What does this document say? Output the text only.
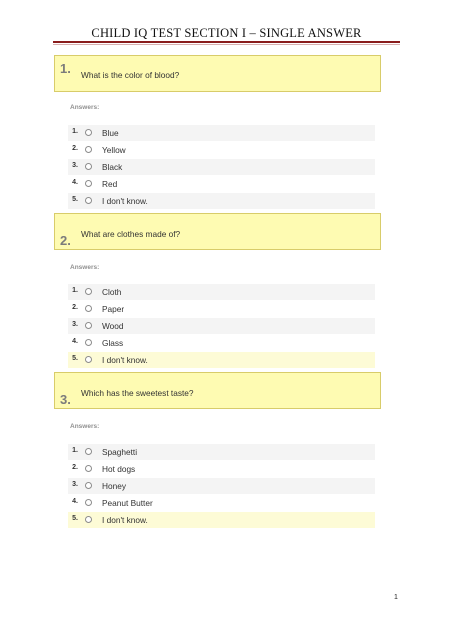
CHILD IQ TEST SECTION I – SINGLE ANSWER
1. What is the color of blood?
Answers:
1.	Blue
2.	Yellow
3.	Black
4.	Red
5.	I don't know.
What are clothes made of?
2.
Answers:
1.	Cloth
2.	Paper
3.	Wood
4.	Glass
5.	I don't know.
Which has the sweetest taste?
3.
Answers:
1.	Spaghetti
2.	Hot dogs
3.	Honey
4.	Peanut Butter
5.	I don't know.
1
